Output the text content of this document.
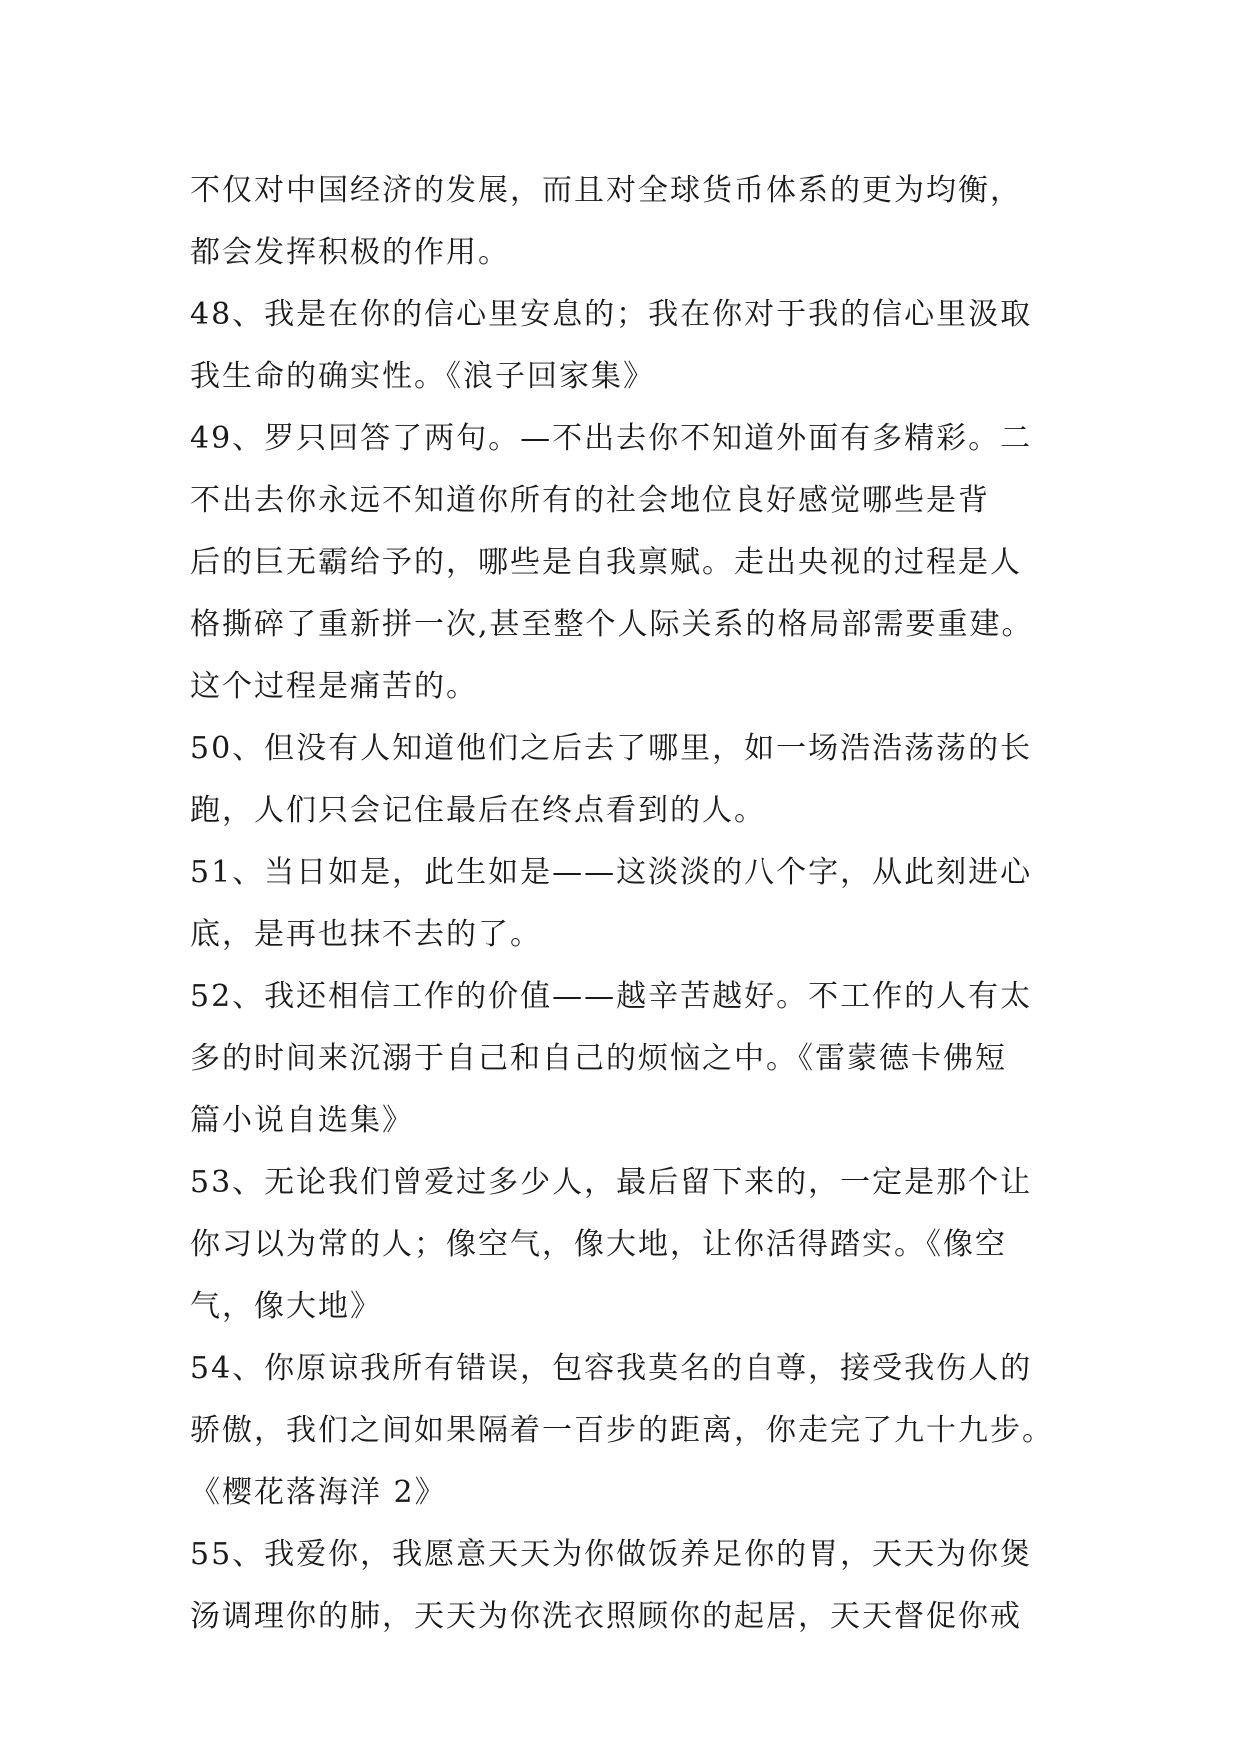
不仅对中国经济的发展，而且对全球货币体系的更为均衡，
都会发挥积极的作用。
48、我是在你的信心里安息的；我在你对于我的信心里汲取
我生命的确实性。《浪子回家集》
49、罗只回答了两句。—不出去你不知道外面有多精彩。二
不出去你永远不知道你所有的社会地位良好感觉哪些是背
后的巨无霸给予的，哪些是自我禀赋。走出央视的过程是人
格撕碎了重新拼一次,甚至整个人际关系的格局部需要重建。
这个过程是痛苦的。
50、但没有人知道他们之后去了哪里，如一场浩浩荡荡的长
跑，人们只会记住最后在终点看到的人。
51、当日如是，此生如是——这淡淡的八个字，从此刻进心
底，是再也抹不去的了。
52、我还相信工作的价值——越辛苦越好。不工作的人有太
多的时间来沉溺于自己和自己的烦恼之中。《雷蒙德卡佛短
篇小说自选集》
53、无论我们曾爱过多少人，最后留下来的，一定是那个让
你习以为常的人；像空气，像大地，让你活得踏实。《像空
气，像大地》
54、你原谅我所有错误，包容我莫名的自尊，接受我伤人的
骄傲，我们之间如果隔着一百步的距离，你走完了九十九步。
《樱花落海洋 2》
55、我爱你，我愿意天天为你做饭养足你的胃，天天为你煲
汤调理你的肺，天天为你洗衣照顾你的起居，天天督促你戒
